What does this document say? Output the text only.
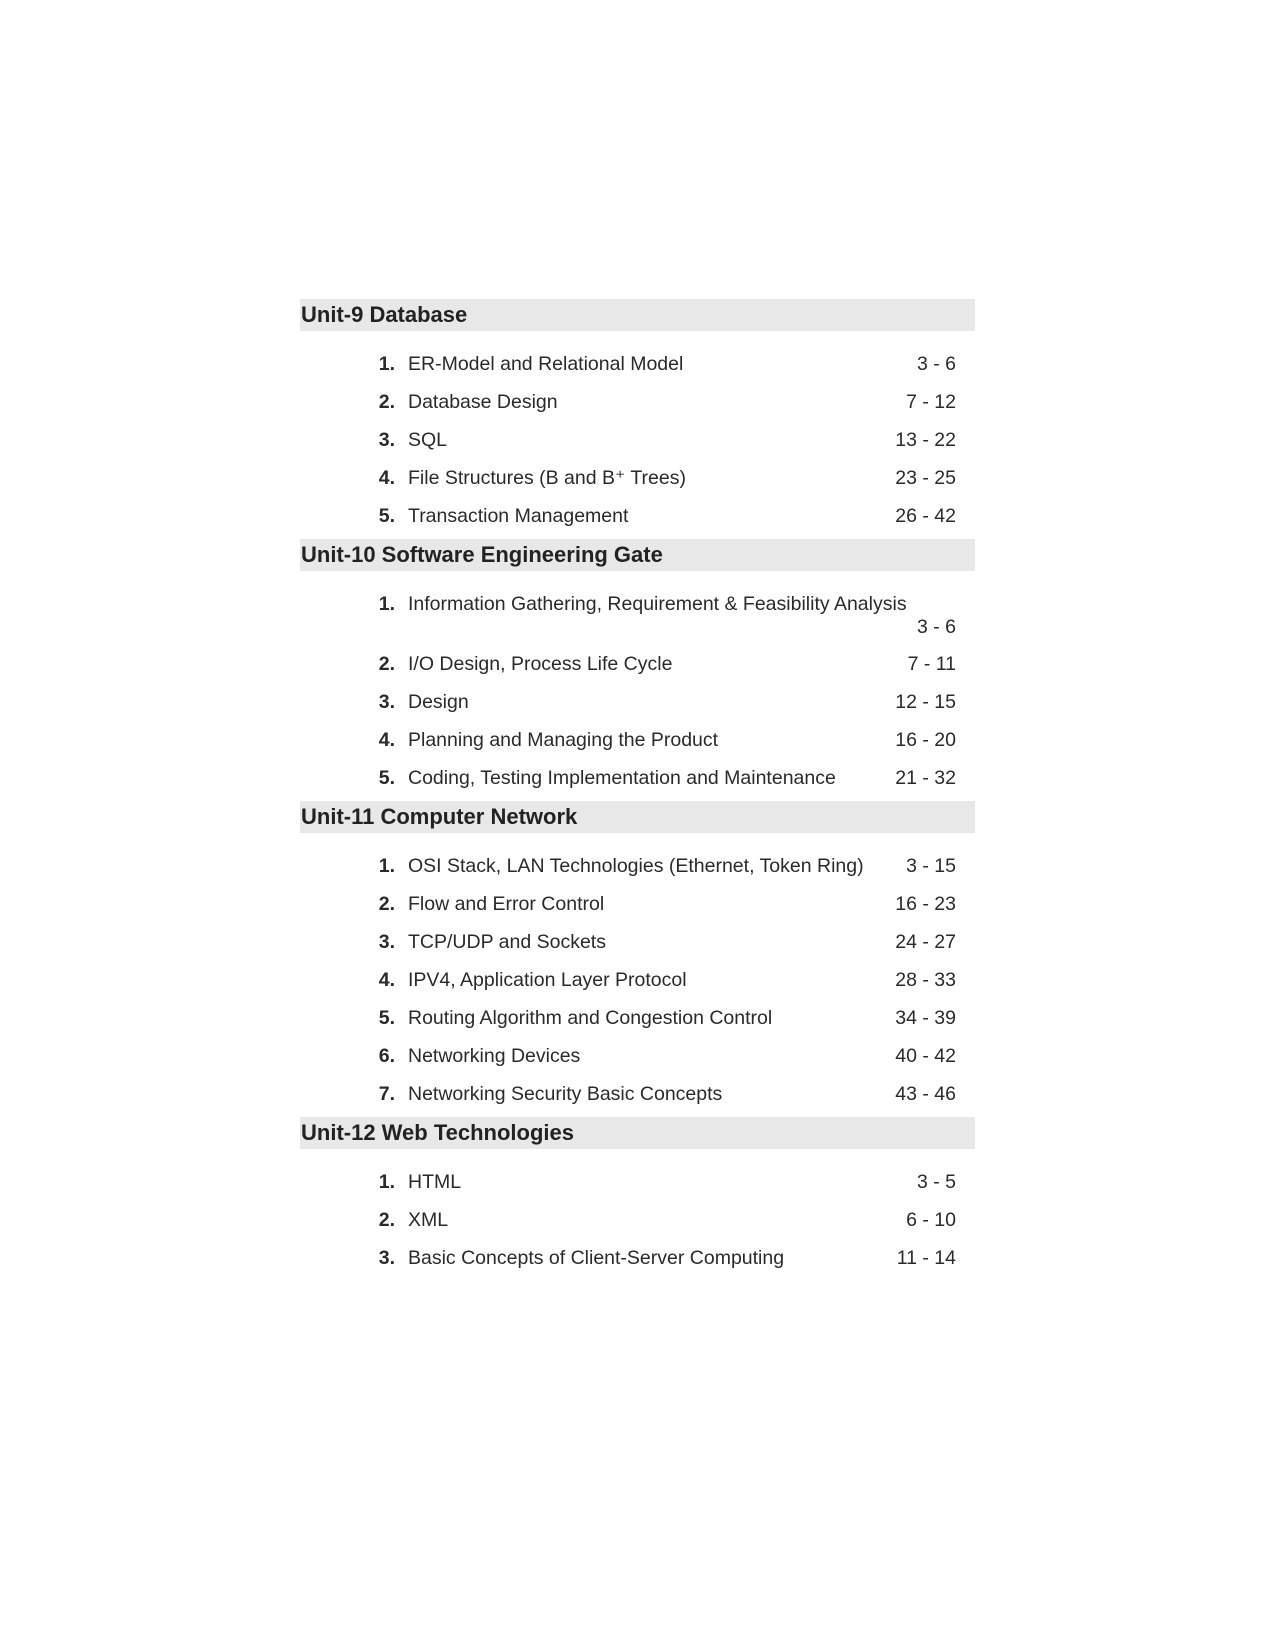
Unit-9 Database
1. ER-Model and Relational Model	3 - 6
2. Database Design	7 - 12
3. SQL	13 - 22
4. File Structures (B and B⁺ Trees)	23 - 25
5. Transaction Management	26 - 42
Unit-10 Software Engineering Gate
1. Information Gathering, Requirement & Feasibility Analysis
3 - 6
2. I/O Design, Process Life Cycle	7 - 11
3. Design	12 - 15
4. Planning and Managing the Product	16 - 20
5. Coding, Testing Implementation and Maintenance	21 - 32
Unit-11 Computer Network
1. OSI Stack, LAN Technologies (Ethernet, Token Ring) 3 - 15
2. Flow and Error Control	16 - 23
3. TCP/UDP and Sockets	24 - 27
4. IPV4, Application Layer Protocol	28 - 33
5. Routing Algorithm and Congestion Control	34 - 39
6. Networking Devices	40 - 42
7. Networking Security Basic Concepts	43 - 46
Unit-12 Web Technologies
1. HTML	3 - 5
2. XML	6 - 10
3. Basic Concepts of Client-Server Computing	11 - 14
